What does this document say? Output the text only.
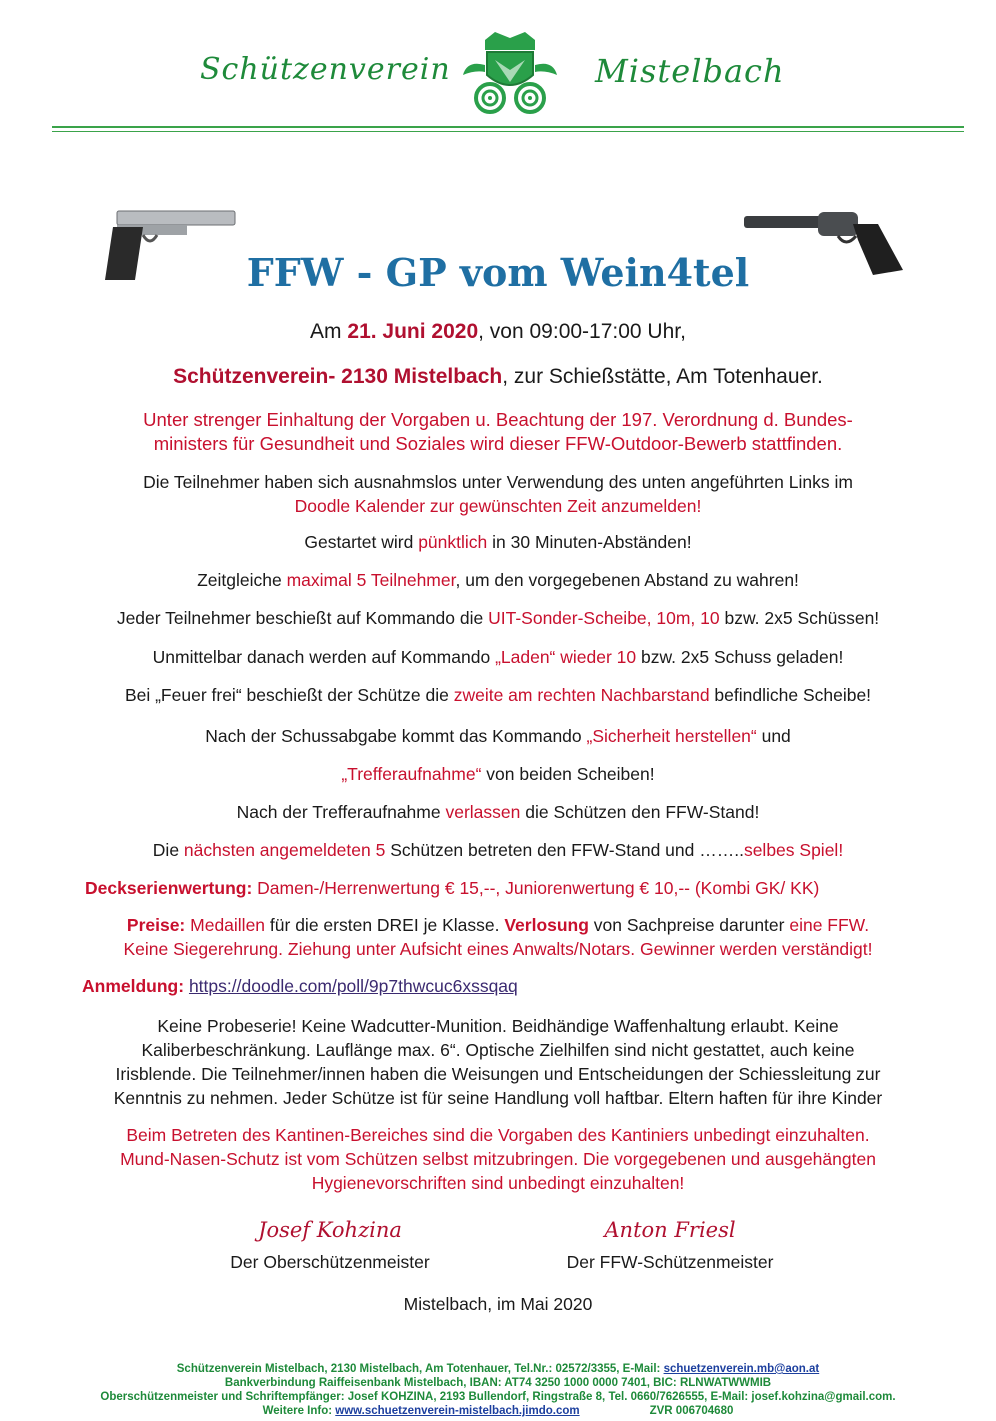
Schützenverein	Mistelbach
FFW - GP vom Wein4tel
Am 21. Juni 2020, von 09:00-17:00 Uhr,
Schützenverein- 2130 Mistelbach, zur Schießstätte, Am Totenhauer.
Unter strenger Einhaltung der Vorgaben u. Beachtung der 197. Verordnung d. Bundes-
ministers für Gesundheit und Soziales wird dieser FFW-Outdoor-Bewerb stattfinden.
Die Teilnehmer haben sich ausnahmslos unter Verwendung des unten angeführten Links im
Doodle Kalender zur gewünschten Zeit anzumelden!
Gestartet wird pünktlich in 30 Minuten-Abständen!
Zeitgleiche maximal 5 Teilnehmer, um den vorgegebenen Abstand zu wahren!
Jeder Teilnehmer beschießt auf Kommando die UIT-Sonder-Scheibe, 10m, 10 bzw. 2x5 Schüssen!
Unmittelbar danach werden auf Kommando „Laden“ wieder 10 bzw. 2x5 Schuss geladen!
Bei „Feuer frei“ beschießt der Schütze die zweite am rechten Nachbarstand befindliche Scheibe!
Nach der Schussabgabe kommt das Kommando „Sicherheit herstellen“ und
„Trefferaufnahme“ von beiden Scheiben!
Nach der Trefferaufnahme verlassen die Schützen den FFW-Stand!
Die nächsten angemeldeten 5 Schützen betreten den FFW-Stand und ……..selbes Spiel!
Deckserienwertung: Damen-/Herrenwertung € 15,--, Juniorenwertung € 10,-- (Kombi GK/ KK)
Preise: Medaillen für die ersten DREI je Klasse. Verlosung von Sachpreise darunter eine FFW.
Keine Siegerehrung. Ziehung unter Aufsicht eines Anwalts/Notars. Gewinner werden verständigt!
Anmeldung: https://doodle.com/poll/9p7thwcuc6xssqaq
Keine Probeserie! Keine Wadcutter-Munition. Beidhändige Waffenhaltung erlaubt. Keine
Kaliberbeschränkung. Lauflänge max. 6“. Optische Zielhilfen sind nicht gestattet, auch keine
Irisblende. Die Teilnehmer/innen haben die Weisungen und Entscheidungen der Schiessleitung zur
Kenntnis zu nehmen. Jeder Schütze ist für seine Handlung voll haftbar. Eltern haften für ihre Kinder
Beim Betreten des Kantinen-Bereiches sind die Vorgaben des Kantiniers unbedingt einzuhalten.
Mund-Nasen-Schutz ist vom Schützen selbst mitzubringen. Die vorgegebenen und ausgehängten
Hygienevorschriften sind unbedingt einzuhalten!
Josef Kohzina
Der Oberschützenmeister
Anton Friesl
Der FFW-Schützenmeister
Mistelbach, im Mai 2020
Schützenverein Mistelbach, 2130 Mistelbach, Am Totenhauer, Tel.Nr.: 02572/3355, E-Mail: schuetzenverein.mb@aon.at
Bankverbindung Raiffeisenbank Mistelbach, IBAN: AT74 3250 1000 0000 7401, BIC: RLNWATWWMIB
Oberschützenmeister und Schriftempfänger: Josef KOHZINA, 2193 Bullendorf, Ringstraße 8, Tel. 0660/7626555, E-Mail: josef.kohzina@gmail.com.
Weitere Info: www.schuetzenverein-mistelbach.jimdo.com	ZVR 006704680
